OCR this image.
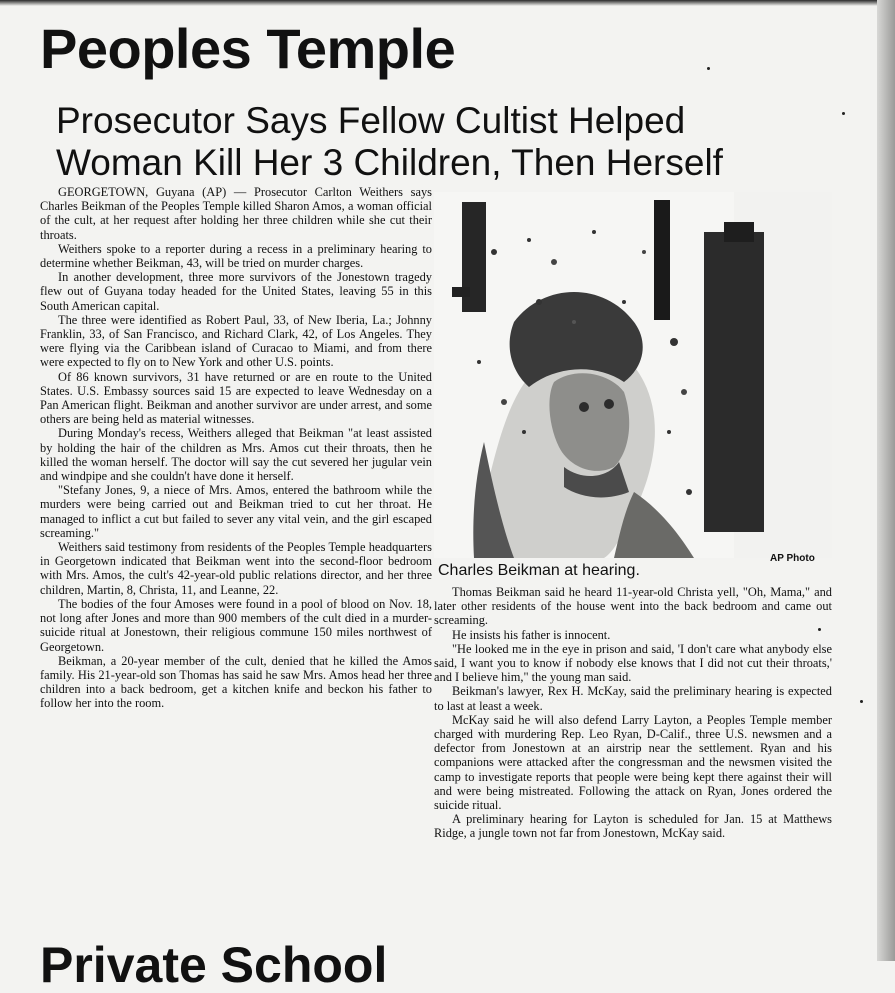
Peoples Temple
Prosecutor Says Fellow Cultist Helped
Woman Kill Her 3 Children, Then Herself

GEORGETOWN, Guyana (AP) — Prosecutor Carlton Weithers says Charles Beikman of the Peoples Temple killed Sharon Amos, a woman official of the cult, at her request after holding her three children while she cut their throats.

Weithers spoke to a reporter during a recess in a preliminary hearing to determine whether Beikman, 43, will be tried on murder charges.

In another development, three more survivors of the Jonestown tragedy flew out of Guyana today headed for the United States, leaving 55 in this South American capital.

The three were identified as Robert Paul, 33, of New Iberia, La.; Johnny Franklin, 33, of San Francisco, and Richard Clark, 42, of Los Angeles. They were flying via the Caribbean island of Curacao to Miami, and from there were expected to fly on to New York and other U.S. points.

Of 86 known survivors, 31 have returned or are en route to the United States. U.S. Embassy sources said 15 are expected to leave Wednesday on a Pan American flight. Beikman and another survivor are under arrest, and some others are being held as material witnesses.

During Monday's recess, Weithers alleged that Beikman "at least assisted by holding the hair of the children as Mrs. Amos cut their throats, then he killed the woman herself. The doctor will say the cut severed her jugular vein and windpipe and she couldn't have done it herself.

"Stefany Jones, 9, a niece of Mrs. Amos, entered the bathroom while the murders were being carried out and Beikman tried to cut her throat. He managed to inflict a cut but failed to sever any vital vein, and the girl escaped screaming."

Weithers said testimony from residents of the Peoples Temple headquarters in Georgetown indicated that Beikman went into the second-floor bedroom with Mrs. Amos, the cult's 42-year-old public relations director, and her three children, Martin, 8, Christa, 11, and Leanne, 22.

The bodies of the four Amoses were found in a pool of blood on Nov. 18, not long after Jones and more than 900 members of the cult died in a murder-suicide ritual at Jonestown, their religious commune 150 miles northwest of Georgetown.

Beikman, a 20-year member of the cult, denied that he killed the Amos family. His 21-year-old son Thomas has said he saw Mrs. Amos head her three children into a back bedroom, get a kitchen knife and beckon his father to follow her into the room.

AP Photo
Charles Beikman at hearing.

Thomas Beikman said he heard 11-year-old Christa yell, "Oh, Mama," and later other residents of the house went into the back bedroom and came out screaming.

He insists his father is innocent.

"He looked me in the eye in prison and said, 'I don't care what anybody else said, I want you to know if nobody else knows that I did not cut their throats,' and I believe him," the young man said.

Beikman's lawyer, Rex H. McKay, said the preliminary hearing is expected to last at least a week.

McKay said he will also defend Larry Layton, a Peoples Temple member charged with murdering Rep. Leo Ryan, D-Calif., three U.S. newsmen and a defector from Jonestown at an airstrip near the settlement. Ryan and his companions were attacked after the congressman and the newsmen visited the camp to investigate reports that people were being kept there against their will and were being mistreated. Following the attack on Ryan, Jones ordered the suicide ritual.

A preliminary hearing for Layton is scheduled for Jan. 15 at Matthews Ridge, a jungle town not far from Jonestown, McKay said.

Private School
